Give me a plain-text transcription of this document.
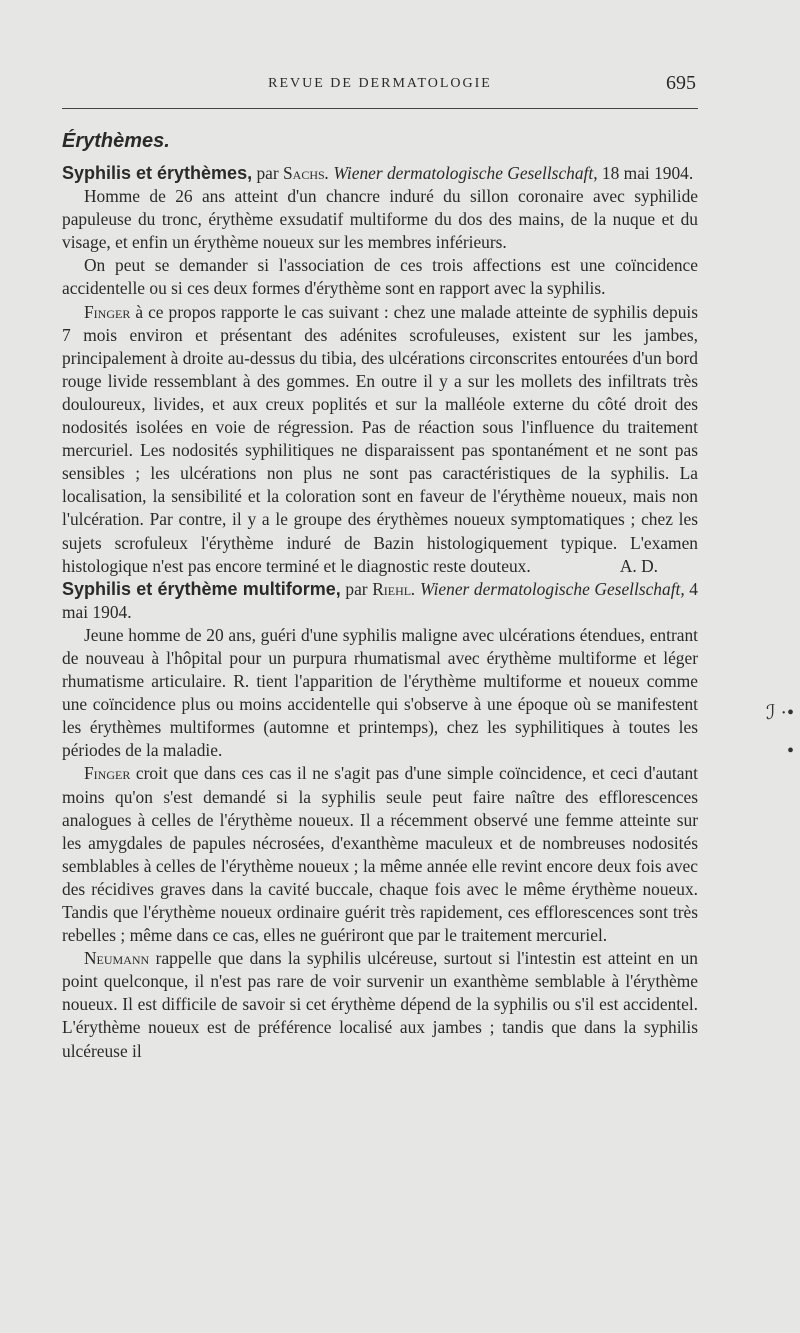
REVUE DE DERMATOLOGIE	695
Érythèmes.

Syphilis et érythèmes, par Sachs. Wiener dermatologische Gesellschaft, 18 mai 1904.

Homme de 26 ans atteint d'un chancre induré du sillon coronaire avec syphilide papuleuse du tronc, érythème exsudatif multiforme du dos des mains, de la nuque et du visage, et enfin un érythème noueux sur les membres inférieurs.

On peut se demander si l'association de ces trois affections est une coïncidence accidentelle ou si ces deux formes d'érythème sont en rapport avec la syphilis.

Finger à ce propos rapporte le cas suivant : chez une malade atteinte de syphilis depuis 7 mois environ et présentant des adénites scrofuleuses, existent sur les jambes, principalement à droite au-dessus du tibia, des ulcérations circonscrites entourées d'un bord rouge livide ressemblant à des gommes. En outre il y a sur les mollets des infiltrats très douloureux, livides, et aux creux poplités et sur la malléole externe du côté droit des nodosités isolées en voie de régression. Pas de réaction sous l'influence du traitement mercuriel. Les nodosités syphilitiques ne disparaissent pas spontanément et ne sont pas sensibles ; les ulcérations non plus ne sont pas caractéristiques de la syphilis. La localisation, la sensibilité et la coloration sont en faveur de l'érythème noueux, mais non l'ulcération. Par contre, il y a le groupe des érythèmes noueux symptomatiques ; chez les sujets scrofuleux l'érythème induré de Bazin histologiquement typique. L'examen histologique n'est pas encore terminé et le diagnostic reste douteux.	A. D.

Syphilis et érythème multiforme, par Riehl. Wiener dermatologische Gesellschaft, 4 mai 1904.

Jeune homme de 20 ans, guéri d'une syphilis maligne avec ulcérations étendues, entrant de nouveau à l'hôpital pour un purpura rhumatismal avec érythème multiforme et léger rhumatisme articulaire. R. tient l'apparition de l'érythème multiforme et noueux comme une coïncidence plus ou moins accidentelle qui s'observe à une époque où se manifestent les érythèmes multiformes (automne et printemps), chez les syphilitiques à toutes les périodes de la maladie.

Finger croit que dans ces cas il ne s'agit pas d'une simple coïncidence, et ceci d'autant moins qu'on s'est demandé si la syphilis seule peut faire naître des efflorescences analogues à celles de l'érythème noueux. Il a récemment observé une femme atteinte sur les amygdales de papules nécrosées, d'exanthème maculeux et de nombreuses nodosités semblables à celles de l'érythème noueux ; la même année elle revint encore deux fois avec des récidives graves dans la cavité buccale, chaque fois avec le même érythème noueux. Tandis que l'érythème noueux ordinaire guérit très rapidement, ces efflorescences sont très rebelles ; même dans ce cas, elles ne guériront que par le traitement mercuriel.

Neumann rappelle que dans la syphilis ulcéreuse, surtout si l'intestin est atteint en un point quelconque, il n'est pas rare de voir survenir un exanthème semblable à l'érythème noueux. Il est difficile de savoir si cet érythème dépend de la syphilis ou s'il est accidentel. L'érythème noueux est de préférence localisé aux jambes ; tandis que dans la syphilis ulcéreuse il

ℐ ·•
•
